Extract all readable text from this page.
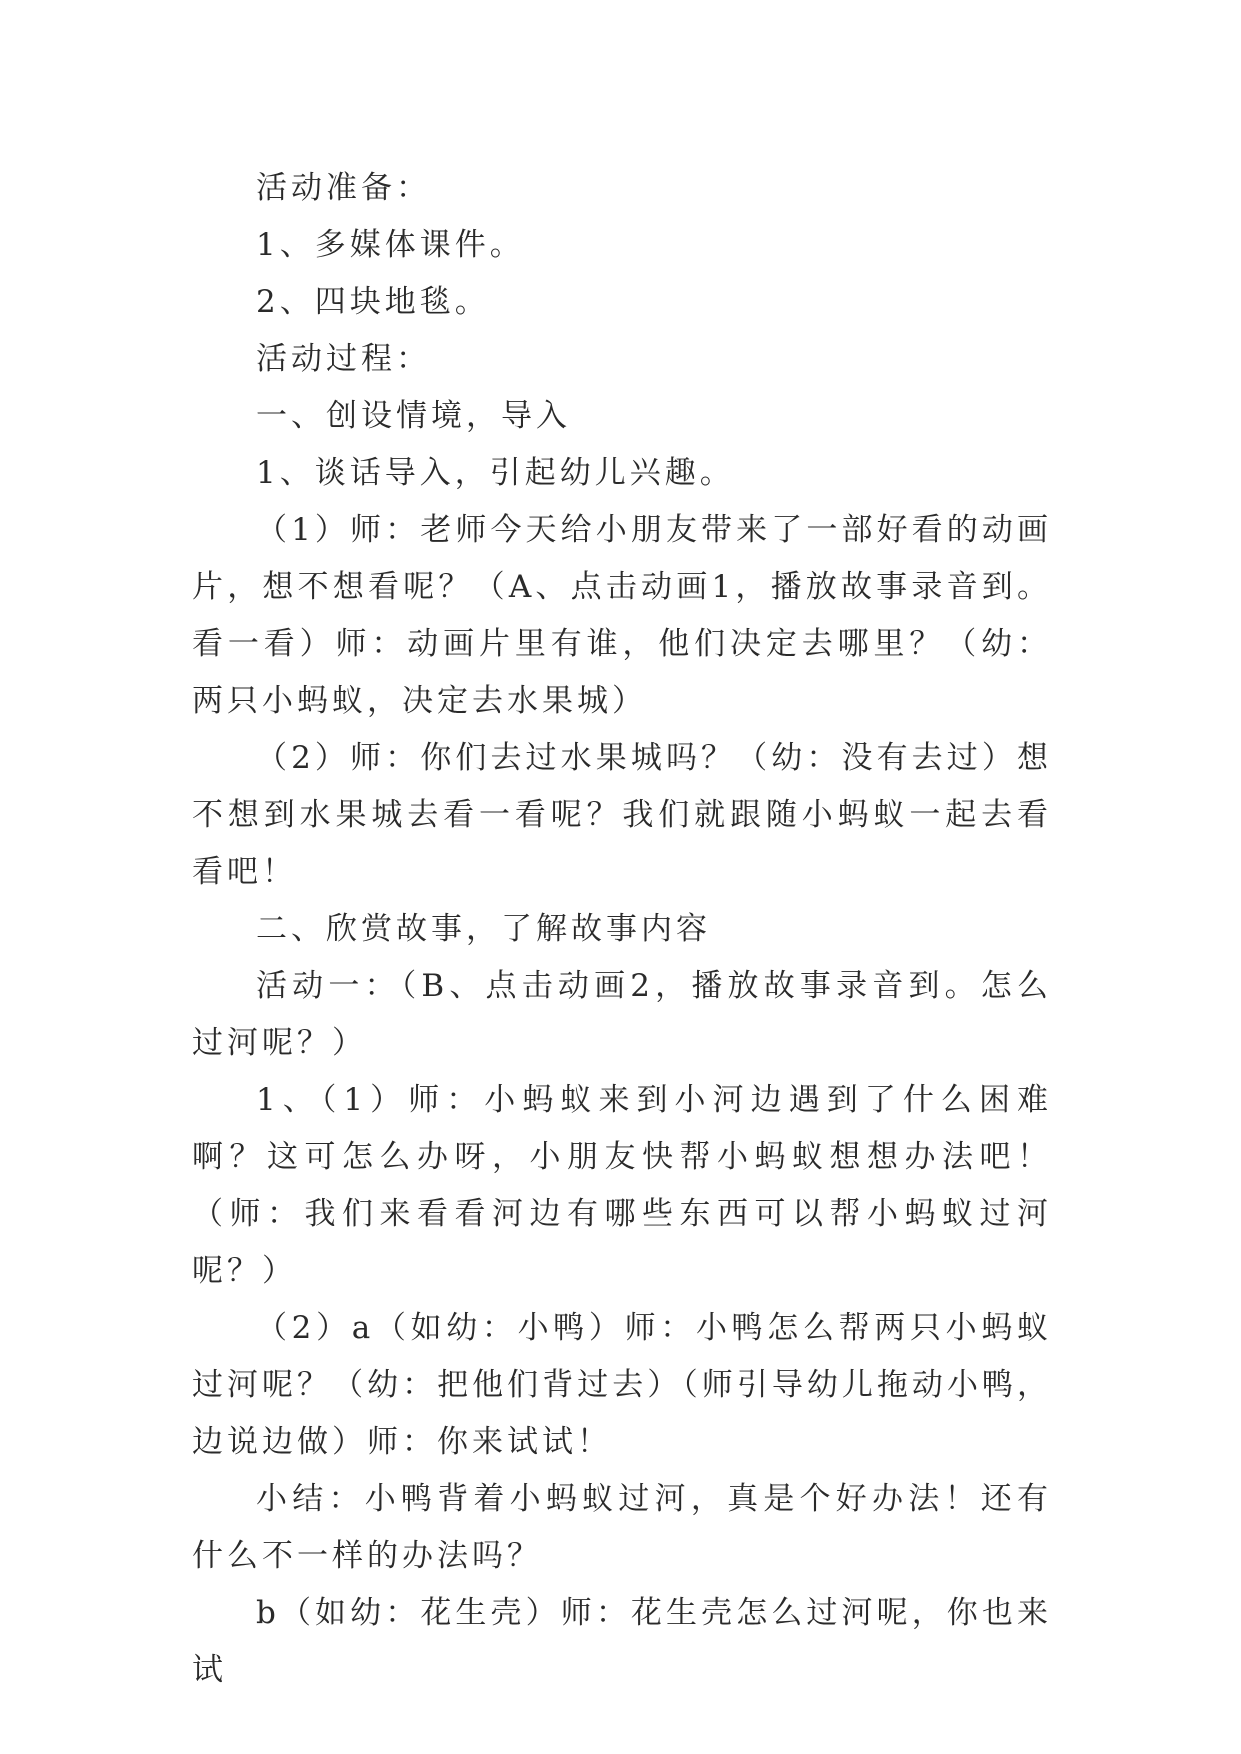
活动准备：

1、多媒体课件。

2、四块地毯。

活动过程：

一、创设情境，导入

1、谈话导入，引起幼儿兴趣。

（1）师：老师今天给小朋友带来了一部好看的动画片，想不想看呢？（A、点击动画1，播放故事录音到。看一看）师：动画片里有谁，他们决定去哪里？（幼：两只小蚂蚁，决定去水果城）

（2）师：你们去过水果城吗？（幼：没有去过）想不想到水果城去看一看呢？我们就跟随小蚂蚁一起去看看吧！

二、欣赏故事，了解故事内容

活动一：（B、点击动画2，播放故事录音到。怎么过河呢？）

1、（1）师：小蚂蚁来到小河边遇到了什么困难啊？这可怎么办呀，小朋友快帮小蚂蚁想想办法吧！（师：我们来看看河边有哪些东西可以帮小蚂蚁过河呢？）

（2）a（如幼：小鸭）师：小鸭怎么帮两只小蚂蚁过河呢？（幼：把他们背过去）（师引导幼儿拖动小鸭，边说边做）师：你来试试！

小结：小鸭背着小蚂蚁过河，真是个好办法！还有什么不一样的办法吗？

b（如幼：花生壳）师：花生壳怎么过河呢，你也来试
